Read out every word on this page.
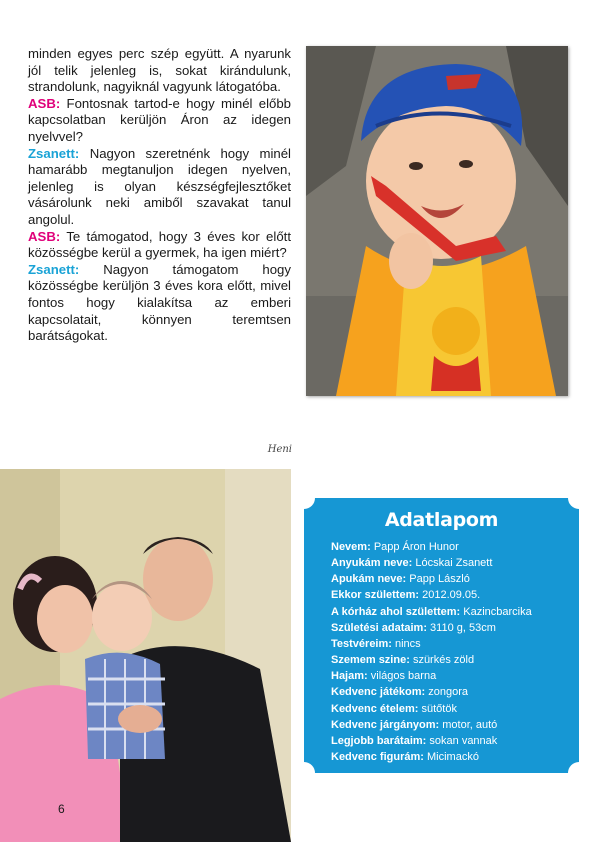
minden egyes perc szép együtt. A nyarunk jól telik jelenleg is, sokat kirándulunk, strandolunk, nagyiknál vagyunk látogatóba.

ASB: Fontosnak tartod-e hogy minél előbb kapcsolatban kerüljön Áron az idegen nyelvvel?

Zsanett: Nagyon szeretnénk hogy minél hamarább megtanuljon idegen nyelven, jelenleg is olyan készségfejlesztőket vásárolunk neki amiből szavakat tanul angolul.

ASB: Te támogatod, hogy 3 éves kor előtt közösségbe kerül a gyermek, ha igen miért?

Zsanett: Nagyon támogatom hogy közösségbe kerüljön 3 éves kora előtt, mivel fontos hogy kialakítsa az emberi kapcsolatait, könnyen teremtsen barátságokat.

Heni
6
Adatlapom
Nevem: Papp Áron Hunor
Anyukám neve: Lócskai Zsanett
Apukám neve: Papp László
Ekkor születtem: 2012.09.05.
A kórház ahol születtem: Kazincbarcika
Születési adataim: 3110 g, 53cm
Testvéreim: nincs
Szemem szine: szürkés zöld
Hajam: világos barna
Kedvenc játékom: zongora
Kedvenc ételem: sütőtök
Kedvenc járgányom: motor, autó
Legjobb barátaim: sokan vannak
Kedvenc figurám: Micimackó
